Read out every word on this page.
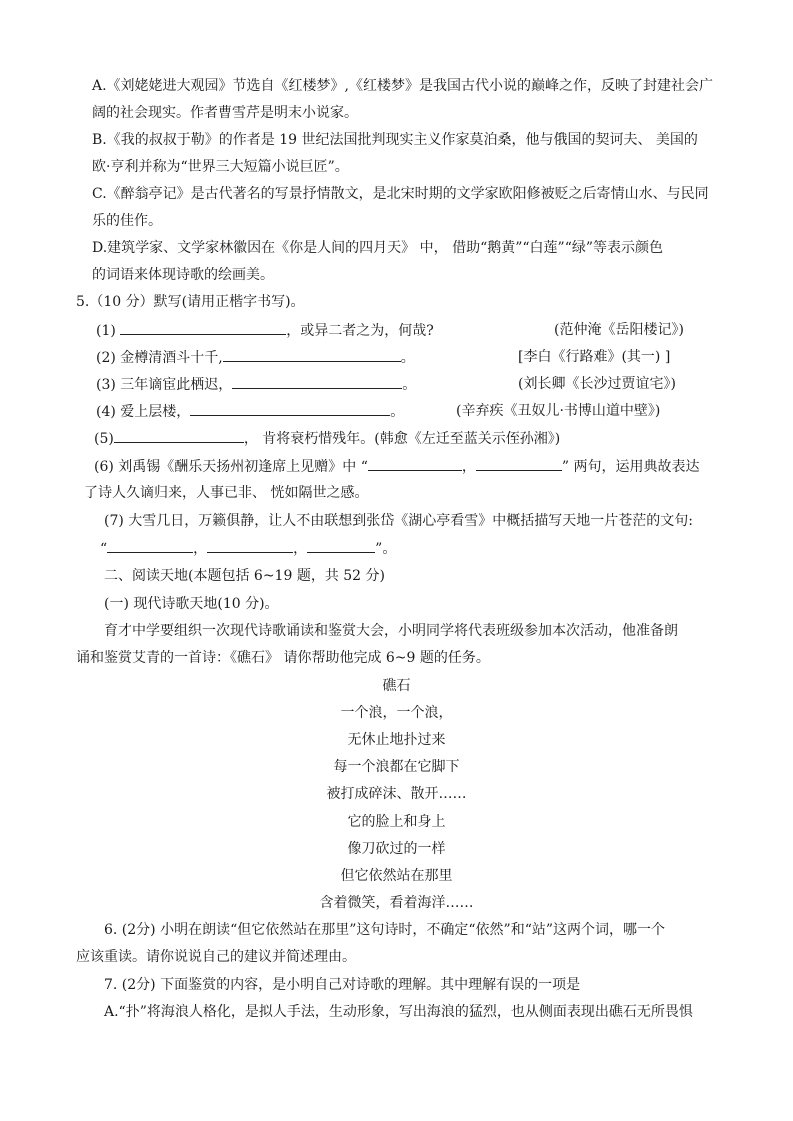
A.《刘姥姥进大观园》节选自《红楼梦》,《红楼梦》是我国古代小说的巅峰之作，反映了封建社会广
阔的社会现实。作者曹雪芹是明末小说家。
B.《我的叔叔于勒》的作者是 19 世纪法国批判现实主义作家莫泊桑，他与俄国的契诃夫、 美国的
欧·亨利并称为“世界三大短篇小说巨匠”。
C.《醉翁亭记》是古代著名的写景抒情散文，是北宋时期的文学家欧阳修被贬之后寄情山水、与民同
乐的佳作。
D.建筑学家、文学家林徽因在《你是人间的四月天》 中， 借助“鹅黄”“白莲”“绿”等表示颜色
的词语来体现诗歌的绘画美。
5.（10 分）默写(请用正楷字书写)。
(1)	，或异二者之为，何哉?	(范仲淹《岳阳楼记》)
(2) 金樽清酒斗十千,	。	[李白《行路难》(其一) ]
(3) 三年谪宦此栖迟，	。	(刘长卿《长沙过贾谊宅》)
(4) 爱上层楼，	。	(辛弃疾《丑奴儿·书博山道中壁》)
(5)	， 肯将衰朽惜残年。(韩愈《左迁至蓝关示侄孙湘》)
(6) 刘禹锡《酬乐天扬州初逢席上见赠》中 “	，	” 两句，运用典故表达
了诗人久谪归来，人事已非、 恍如隔世之感。
(7) 大雪几日，万籁俱静，让人不由联想到张岱《湖心亭看雪》中概括描写天地一片苍茫的文句:
“	，	，	”。
二、阅读天地(本题包括 6~19 题，共 52 分)
(一) 现代诗歌天地(10 分)。
育才中学要组织一次现代诗歌诵读和鉴赏大会，小明同学将代表班级参加本次活动，他准备朗
诵和鉴赏艾青的一首诗：《礁石》 请你帮助他完成 6~9 题的任务。
礁石
一个浪，一个浪，
无休止地扑过来
每一个浪都在它脚下
被打成碎沫、散开……
它的脸上和身上
像刀砍过的一样
但它依然站在那里
含着微笑，看着海洋……
6. (2分) 小明在朗读“但它依然站在那里”这句诗时，不确定“依然”和“站”这两个词，哪一个
应该重读。请你说说自己的建议并简述理由。
7. (2分) 下面鉴赏的内容，是小明自己对诗歌的理解。其中理解有误的一项是
A.“扑”将海浪人格化，是拟人手法，生动形象，写出海浪的猛烈，也从侧面表现出礁石无所畏惧
